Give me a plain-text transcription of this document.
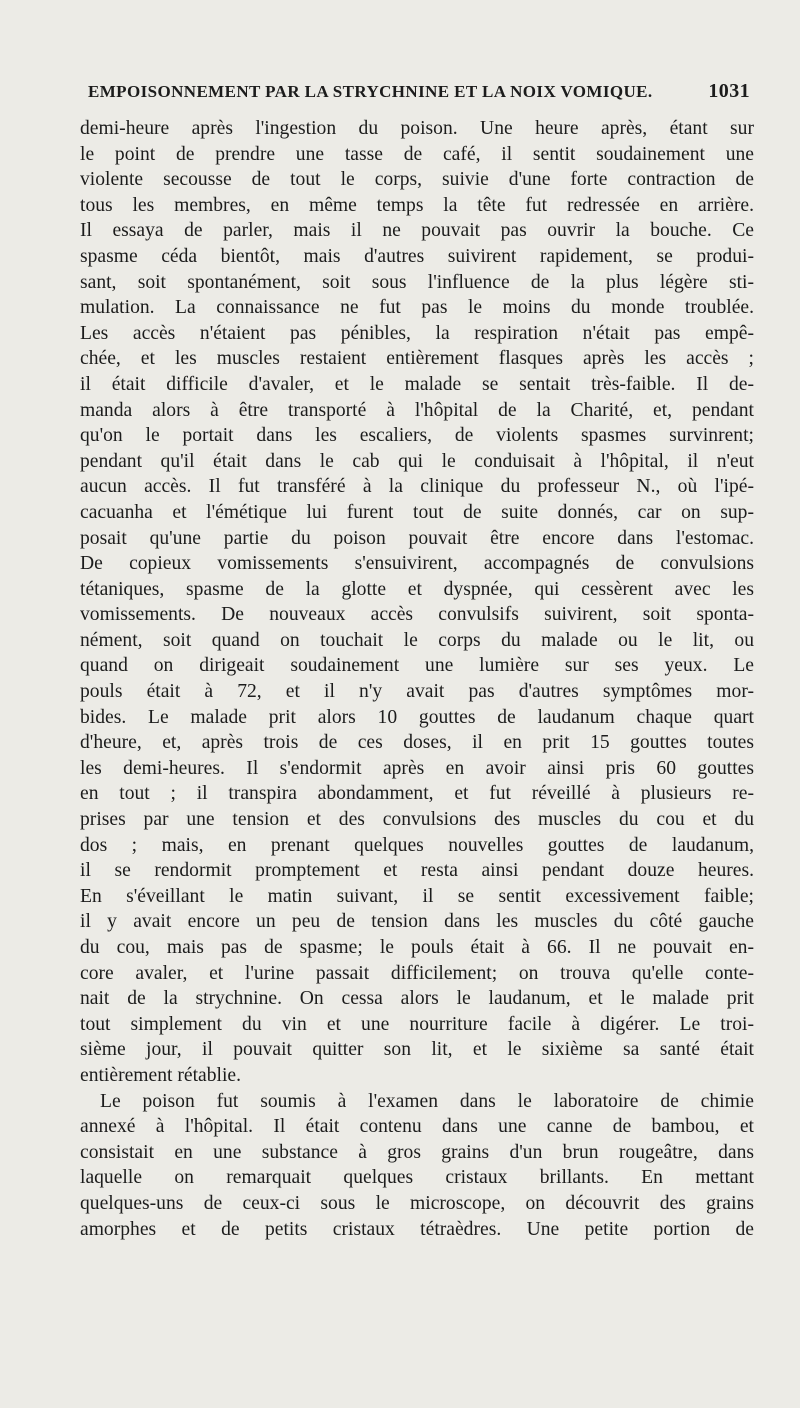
EMPOISONNEMENT PAR LA STRYCHNINE ET LA NOIX VOMIQUE.	1031
demi-heure après l'ingestion du poison. Une heure après, étant sur
le point de prendre une tasse de café, il sentit soudainement une
violente secousse de tout le corps, suivie d'une forte contraction de
tous les membres, en même temps la tête fut redressée en arrière.
Il essaya de parler, mais il ne pouvait pas ouvrir la bouche. Ce
spasme céda bientôt, mais d'autres suivirent rapidement, se produi-
sant, soit spontanément, soit sous l'influence de la plus légère sti-
mulation. La connaissance ne fut pas le moins du monde troublée.
Les accès n'étaient pas pénibles, la respiration n'était pas empê-
chée, et les muscles restaient entièrement flasques après les accès ;
il était difficile d'avaler, et le malade se sentait très-faible. Il de-
manda alors à être transporté à l'hôpital de la Charité, et, pendant
qu'on le portait dans les escaliers, de violents spasmes survinrent;
pendant qu'il était dans le cab qui le conduisait à l'hôpital, il n'eut
aucun accès. Il fut transféré à la clinique du professeur N., où l'ipé-
cacuanha et l'émétique lui furent tout de suite donnés, car on sup-
posait qu'une partie du poison pouvait être encore dans l'estomac.
De copieux vomissements s'ensuivirent, accompagnés de convulsions
tétaniques, spasme de la glotte et dyspnée, qui cessèrent avec les
vomissements. De nouveaux accès convulsifs suivirent, soit sponta-
nément, soit quand on touchait le corps du malade ou le lit, ou
quand on dirigeait soudainement une lumière sur ses yeux. Le
pouls était à 72, et il n'y avait pas d'autres symptômes mor-
bides. Le malade prit alors 10 gouttes de laudanum chaque quart
d'heure, et, après trois de ces doses, il en prit 15 gouttes toutes
les demi-heures. Il s'endormit après en avoir ainsi pris 60 gouttes
en tout ; il transpira abondamment, et fut réveillé à plusieurs re-
prises par une tension et des convulsions des muscles du cou et du
dos ; mais, en prenant quelques nouvelles gouttes de laudanum,
il se rendormit promptement et resta ainsi pendant douze heures.
En s'éveillant le matin suivant, il se sentit excessivement faible;
il y avait encore un peu de tension dans les muscles du côté gauche
du cou, mais pas de spasme; le pouls était à 66. Il ne pouvait en-
core avaler, et l'urine passait difficilement; on trouva qu'elle conte-
nait de la strychnine. On cessa alors le laudanum, et le malade prit
tout simplement du vin et une nourriture facile à digérer. Le troi-
sième jour, il pouvait quitter son lit, et le sixième sa santé était
entièrement rétablie.
Le poison fut soumis à l'examen dans le laboratoire de chimie
annexé à l'hôpital. Il était contenu dans une canne de bambou, et
consistait en une substance à gros grains d'un brun rougeâtre, dans
laquelle on remarquait quelques cristaux brillants. En mettant
quelques-uns de ceux-ci sous le microscope, on découvrit des grains
amorphes et de petits cristaux tétraèdres. Une petite portion de
